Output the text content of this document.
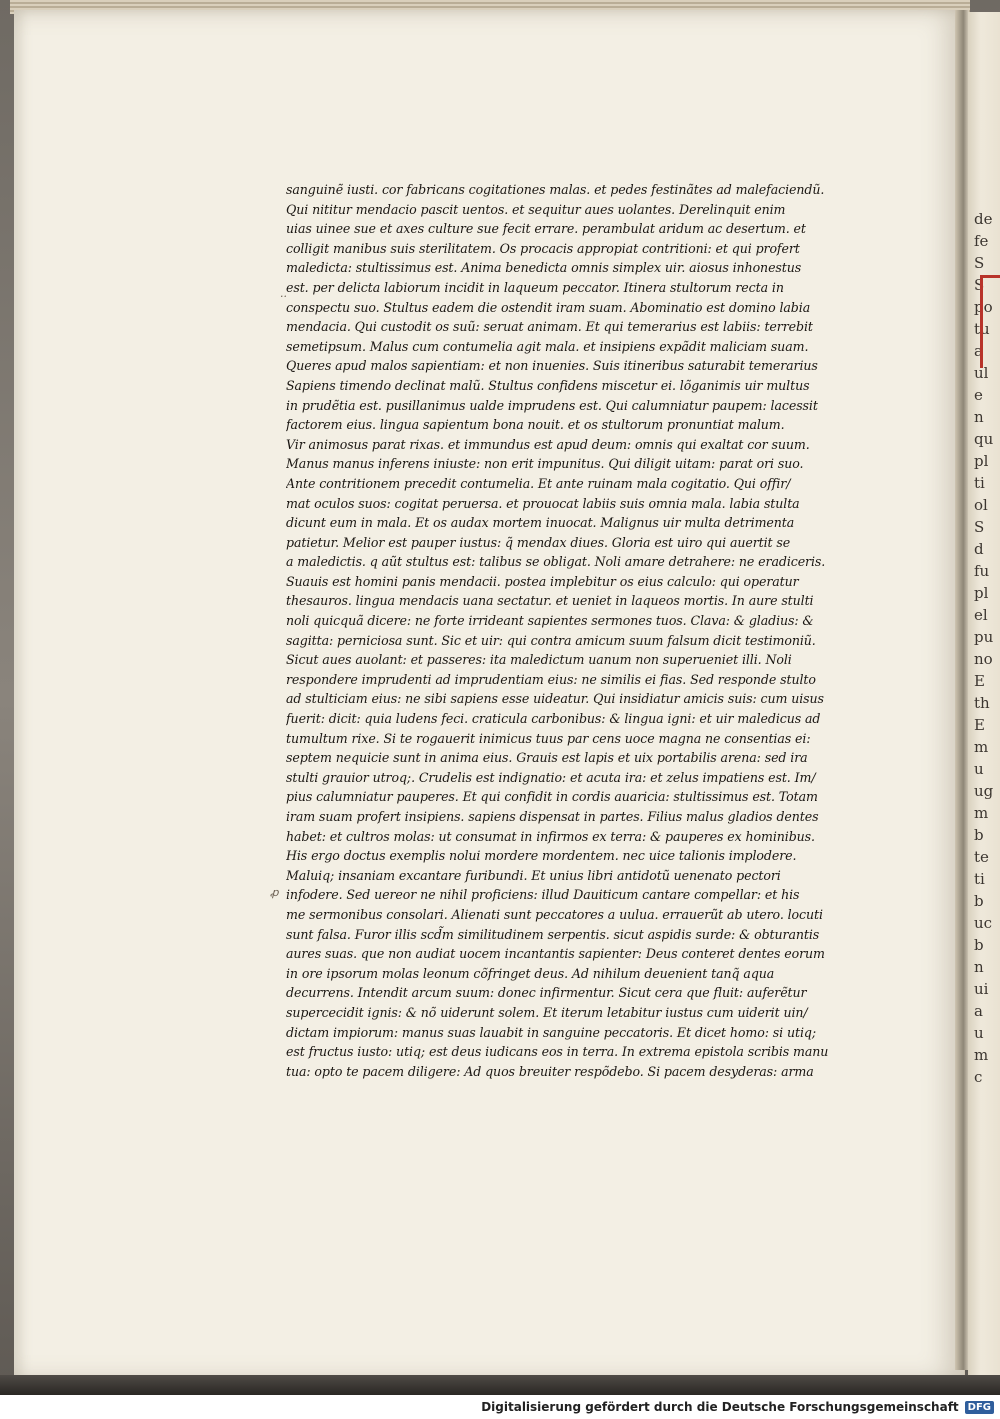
de
fe
S
S
po
tu
a
ul
e
n
qu
pl
ti
ol
S
d
fu
pl
el
pu
no
E
th
E
m
u
ug
m
b
te
ti
b
uc
b
n
ui
a
u
m
c
ꝓ
··
sanguinẽ iusti. cor fabricans cogitationes malas. et pedes festinãtes ad malefaciendũ.
Qui nititur mendacio pascit uentos. et sequitur aues uolantes. Derelinquit enim
uias uinee sue et axes culture sue fecit errare. perambulat aridum ac desertum. et
colligit manibus suis sterilitatem. Os procacis appropiat contritioni: et qui profert
maledicta: stultissimus est. Anima benedicta omnis simplex uir. aiosus inhonestus
est. per delicta labiorum incidit in laqueum peccator. Itinera stultorum recta in
conspectu suo. Stultus eadem die ostendit iram suam. Abominatio est domino labia
mendacia. Qui custodit os suũ: seruat animam. Et qui temerarius est labiis: terrebit
semetipsum. Malus cum contumelia agit mala. et insipiens expãdit maliciam suam.
Queres apud malos sapientiam: et non inuenies. Suis itineribus saturabit temerarius
Sapiens timendo declinat malũ. Stultus confidens miscetur ei. lõganimis uir multus
in prudẽtia est. pusillanimus ualde imprudens est. Qui calumniatur paupem: lacessit
factorem eius. lingua sapientum bona nouit. et os stultorum pronuntiat malum.
Vir animosus parat rixas. et immundus est apud deum: omnis qui exaltat cor suum.
Manus manus inferens iniuste: non erit impunitus. Qui diligit uitam: parat ori suo.
Ante contritionem precedit contumelia. Et ante ruinam mala cogitatio. Qui offir/
mat oculos suos: cogitat peruersa. et prouocat labiis suis omnia mala. labia stulta
dicunt eum in mala. Et os audax mortem inuocat. Malignus uir multa detrimenta
patietur. Melior est pauper iustus: q̃ mendax diues. Gloria est uiro qui auertit se
a maledictis. q aũt stultus est: talibus se obligat. Noli amare detrahere: ne eradiceris.
Suauis est homini panis mendacii. postea implebitur os eius calculo: qui operatur
thesauros. lingua mendacis uana sectatur. et ueniet in laqueos mortis. In aure stulti
noli quicquã dicere: ne forte irrideant sapientes sermones tuos. Clava: & gladius: &
sagitta: perniciosa sunt. Sic et uir: qui contra amicum suum falsum dicit testimoniũ.
Sicut aues auolant: et passeres: ita maledictum uanum non superueniet illi. Noli
respondere imprudenti ad imprudentiam eius: ne similis ei fias. Sed responde stulto
ad stulticiam eius: ne sibi sapiens esse uideatur. Qui insidiatur amicis suis: cum uisus
fuerit: dicit: quia ludens feci. craticula carbonibus: & lingua igni: et uir maledicus ad
tumultum rixe. Si te rogauerit inimicus tuus par cens uoce magna ne consentias ei:
septem nequicie sunt in anima eius. Grauis est lapis et uix portabilis arena: sed ira
stulti grauior utroq;. Crudelis est indignatio: et acuta ira: et zelus impatiens est. Im/
pius calumniatur pauperes. Et qui confidit in cordis auaricia: stultissimus est. Totam
iram suam profert insipiens. sapiens dispensat in partes. Filius malus gladios dentes
habet: et cultros molas: ut consumat in infirmos ex terra: & pauperes ex hominibus.
His ergo doctus exemplis nolui mordere mordentem. nec uice talionis implodere.
Maluiq; insaniam excantare furibundi. Et unius libri antidotũ uenenato pectori
infodere. Sed uereor ne nihil proficiens: illud Dauiticum cantare compellar: et his
me sermonibus consolari. Alienati sunt peccatores a uulua. errauerũt ab utero. locuti
sunt falsa. Furor illis scd̃m similitudinem serpentis. sicut aspidis surde: & obturantis
aures suas. que non audiat uocem incantantis sapienter: Deus conteret dentes eorum
in ore ipsorum molas leonum cõfringet deus. Ad nihilum deuenient tanq̃ aqua
decurrens. Intendit arcum suum: donec infirmentur. Sicut cera que fluit: auferẽtur
supercecidit ignis: & nõ uiderunt solem. Et iterum letabitur iustus cum uiderit uin/
dictam impiorum: manus suas lauabit in sanguine peccatoris. Et dicet homo: si utiq;
est fructus iusto: utiq; est deus iudicans eos in terra. In extrema epistola scribis manu
tua: opto te pacem diligere: Ad quos breuiter respõdebo. Si pacem desyderas: arma
Digitalisierung gefördert durch die Deutsche Forschungsgemeinschaft DFG
